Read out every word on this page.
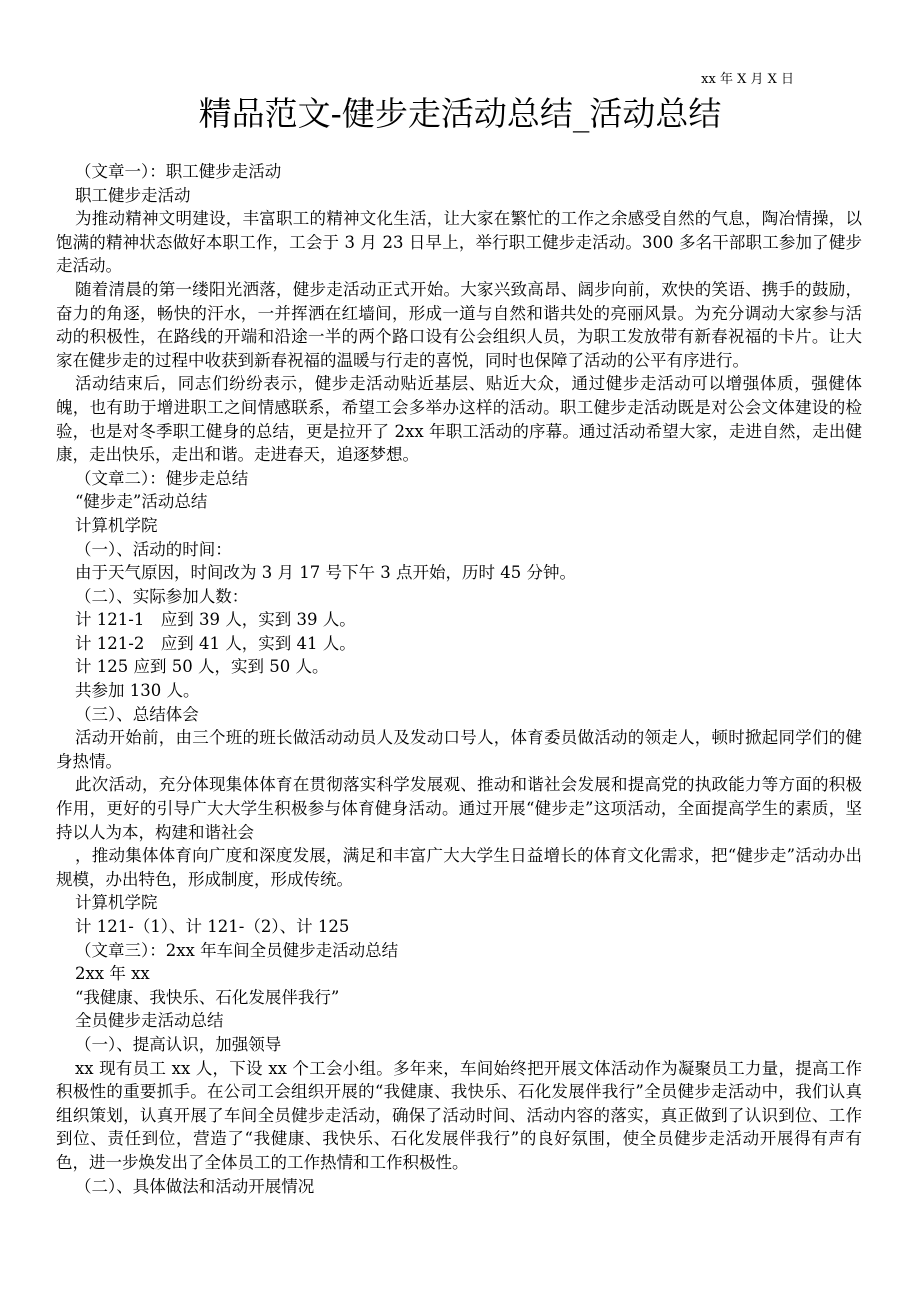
xx 年 X 月 X 日
精品范文-健步走活动总结_活动总结

（文章一）：职工健步走活动

职工健步走活动

为推动精神文明建设，丰富职工的精神文化生活，让大家在繁忙的工作之余感受自然的气息，陶冶情操，以饱满的精神状态做好本职工作，工会于 3 月 23 日早上，举行职工健步走活动。300 多名干部职工参加了健步走活动。

随着清晨的第一缕阳光洒落，健步走活动正式开始。大家兴致高昂、阔步向前，欢快的笑语、携手的鼓励，奋力的角逐，畅快的汗水，一并挥洒在红墙间，形成一道与自然和谐共处的亮丽风景。为充分调动大家参与活动的积极性，在路线的开端和沿途一半的两个路口设有公会组织人员，为职工发放带有新春祝福的卡片。让大家在健步走的过程中收获到新春祝福的温暖与行走的喜悦，同时也保障了活动的公平有序进行。

活动结束后，同志们纷纷表示，健步走活动贴近基层、贴近大众，通过健步走活动可以增强体质，强健体魄，也有助于增进职工之间情感联系，希望工会多举办这样的活动。职工健步走活动既是对公会文体建设的检验，也是对冬季职工健身的总结，更是拉开了 2xx 年职工活动的序幕。通过活动希望大家，走进自然，走出健康，走出快乐，走出和谐。走进春天，追逐梦想。

（文章二）：健步走总结

“健步走”活动总结

计算机学院

（一）、活动的时间：

由于天气原因，时间改为 3 月 17 号下午 3 点开始，历时 45 分钟。

（二）、实际参加人数：

计 121-1　应到 39 人，实到 39 人。

计 121-2　应到 41 人，实到 41 人。

计 125 应到 50 人，实到 50 人。

共参加 130 人。

（三）、总结体会

活动开始前，由三个班的班长做活动动员人及发动口号人，体育委员做活动的领走人，顿时掀起同学们的健身热情。

此次活动，充分体现集体体育在贯彻落实科学发展观、推动和谐社会发展和提高党的执政能力等方面的积极作用，更好的引导广大大学生积极参与体育健身活动。通过开展“健步走”这项活动，全面提高学生的素质，坚持以人为本，构建和谐社会

，推动集体体育向广度和深度发展，满足和丰富广大大学生日益增长的体育文化需求，把“健步走”活动办出规模，办出特色，形成制度，形成传统。

计算机学院

计 121-（1）、计 121-（2）、计 125

（文章三）：2xx 年车间全员健步走活动总结

2xx 年 xx

“我健康、我快乐、石化发展伴我行”

全员健步走活动总结

（一）、提高认识，加强领导

xx 现有员工 xx 人，下设 xx 个工会小组。多年来，车间始终把开展文体活动作为凝聚员工力量，提高工作积极性的重要抓手。在公司工会组织开展的“我健康、我快乐、石化发展伴我行”全员健步走活动中，我们认真组织策划，认真开展了车间全员健步走活动，确保了活动时间、活动内容的落实，真正做到了认识到位、工作到位、责任到位，营造了“我健康、我快乐、石化发展伴我行”的良好氛围，使全员健步走活动开展得有声有色，进一步焕发出了全体员工的工作热情和工作积极性。

（二）、具体做法和活动开展情况
